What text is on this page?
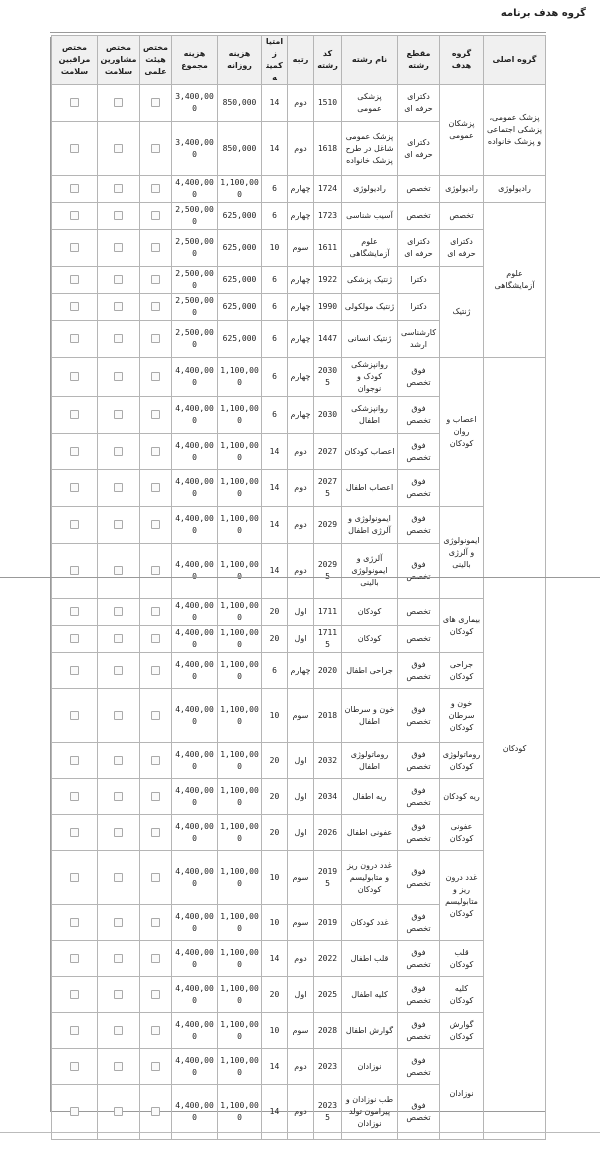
گروه هدف برنامه
گروه اصلی	گروه هدف	مقطع رشته	نام رشته	کد رشته	رتبه	امتیاز کمیته	هزینه روزانه	هزینه مجموع	مختص هیئت علمی	مختص مشاورین سلامت	مختص مراقبین سلامت
پزشک عمومی، پزشکی اجتماعی و پزشک خانواده	پزشکان عمومی	دکترای حرفه ای	پزشکی عمومی	1510	دوم	14	850,000	3,400,000			
		دکترای حرفه ای	پزشک عمومی شاغل در طرح پزشک خانواده	1618	دوم	14	850,000	3,400,000			
رادیولوژی	رادیولوژی	تخصص	رادیولوژی	1724	چهارم	6	1,100,000	4,400,000			
علوم آزمایشگاهی	تخصص	تخصص	آسیب شناسی	1723	چهارم	6	625,000	2,500,000			
	دکترای حرفه ای	دکترای حرفه ای	علوم آزمایشگاهی	1611	سوم	10	625,000	2,500,000			
	ژنتیک	دکترا	ژنتیک پزشکی	1922	چهارم	6	625,000	2,500,000			
		دکترا	ژنتیک مولکولی	1990	چهارم	6	625,000	2,500,000			
		کارشناسی ارشد	ژنتیک انسانی	1447	چهارم	6	625,000	2,500,000			
کودکان	اعصاب و روان کودکان	فوق تخصص	روانپزشکی کودک و نوجوان	20305	چهارم	6	1,100,000	4,400,000			
		فوق تخصص	روانپزشکی اطفال	2030	چهارم	6	1,100,000	4,400,000			
		فوق تخصص	اعصاب کودکان	2027	دوم	14	1,100,000	4,400,000			
		فوق تخصص	اعصاب اطفال	20275	دوم	14	1,100,000	4,400,000			
	ایمونولوژی و آلرژی بالینی	فوق تخصص	ایمونولوژی و آلرژی اطفال	2029	دوم	14	1,100,000	4,400,000			
		فوق	آلرژی و ایمونولوژی بالینی	2029	دوم	14	1,100,00	4,400,00			
	بیماری های کودکان	تخصص	کودکان	1711	اول	20	1,100,000	4,400,000			
		تخصص	کودکان	17115	اول	20	1,100,000	4,400,000			
	جراحی کودکان	فوق تخصص	جراحی اطفال	2020	چهارم	6	1,100,000	4,400,000			
	خون و سرطان کودکان	فوق تخصص	خون و سرطان اطفال	2018	سوم	10	1,100,000	4,400,000			
	روماتولوژی کودکان	فوق تخصص	روماتولوژی اطفال	2032	اول	20	1,100,000	4,400,000			
	ریه کودکان	فوق تخصص	ریه اطفال	2034	اول	20	1,100,000	4,400,000			
	عفونی کودکان	فوق تخصص	عفونی اطفال	2026	اول	20	1,100,000	4,400,000			
	غدد درون ریز و متابولیسم کودکان	فوق تخصص	غدد درون ریز و متابولیسم کودکان	20195	سوم	10	1,100,000	4,400,000			
		فوق تخصص	غدد کودکان	2019	سوم	10	1,100,000	4,400,000			
	قلب کودکان	فوق تخصص	قلب اطفال	2022	دوم	14	1,100,000	4,400,000			
	کلیه کودکان	فوق تخصص	کلیه اطفال	2025	اول	20	1,100,000	4,400,000			
	گوارش کودکان	فوق تخصص	گوارش اطفال	2028	سوم	10	1,100,000	4,400,000			
	نوزادان	فوق تخصص	نوزادان	2023	دوم	14	1,100,000	4,400,000			
		فوق تخصص	طب نوزادان و پیرامون تولد نوزادان	20235	دوم	14	1,100,000	4,400,000			
